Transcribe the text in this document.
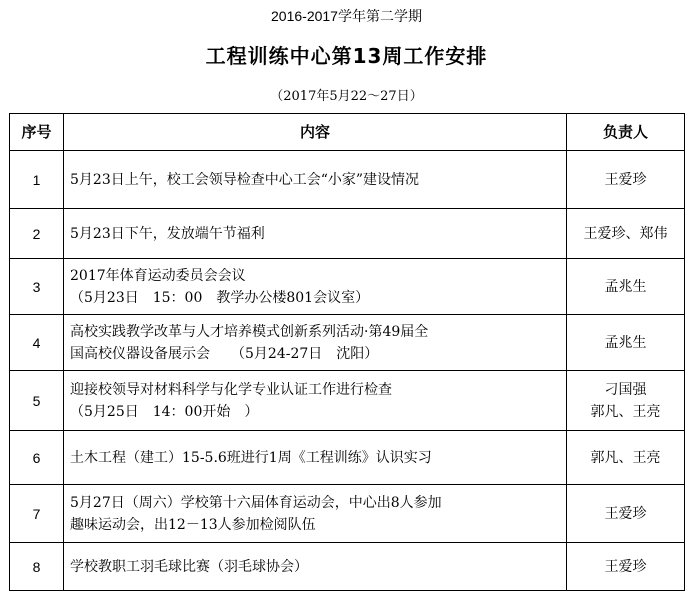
2016-2017学年第二学期
工程训练中心第13周工作安排
（2017年5月22～27日）
序号	内容	负责人
1	5月23日上午，校工会领导检查中心工会“小家”建设情况	王爱珍

2	5月23日下午，发放端午节福利	王爱珍、郑伟

3	2017年体育运动委员会会议
（5月23日　15：00　教学办公楼801会议室）	孟兆生

4	高校实践教学改革与人才培养模式创新系列活动·第49届全
国高校仪器设备展示会　　（5月24-27日　沈阳）	孟兆生

5	迎接校领导对材料科学与化学专业认证工作进行检查
（5月25日　14：00开始　）	刁国强
郭凡、王亮

6	土木工程（建工）15-5.6班进行1周《工程训练》认识实习	郭凡、王亮

7	5月27日（周六）学校第十六届体育运动会，中心出8人参加
趣味运动会，出12－13人参加检阅队伍	王爱珍

8	学校教职工羽毛球比赛（羽毛球协会）	王爱珍
